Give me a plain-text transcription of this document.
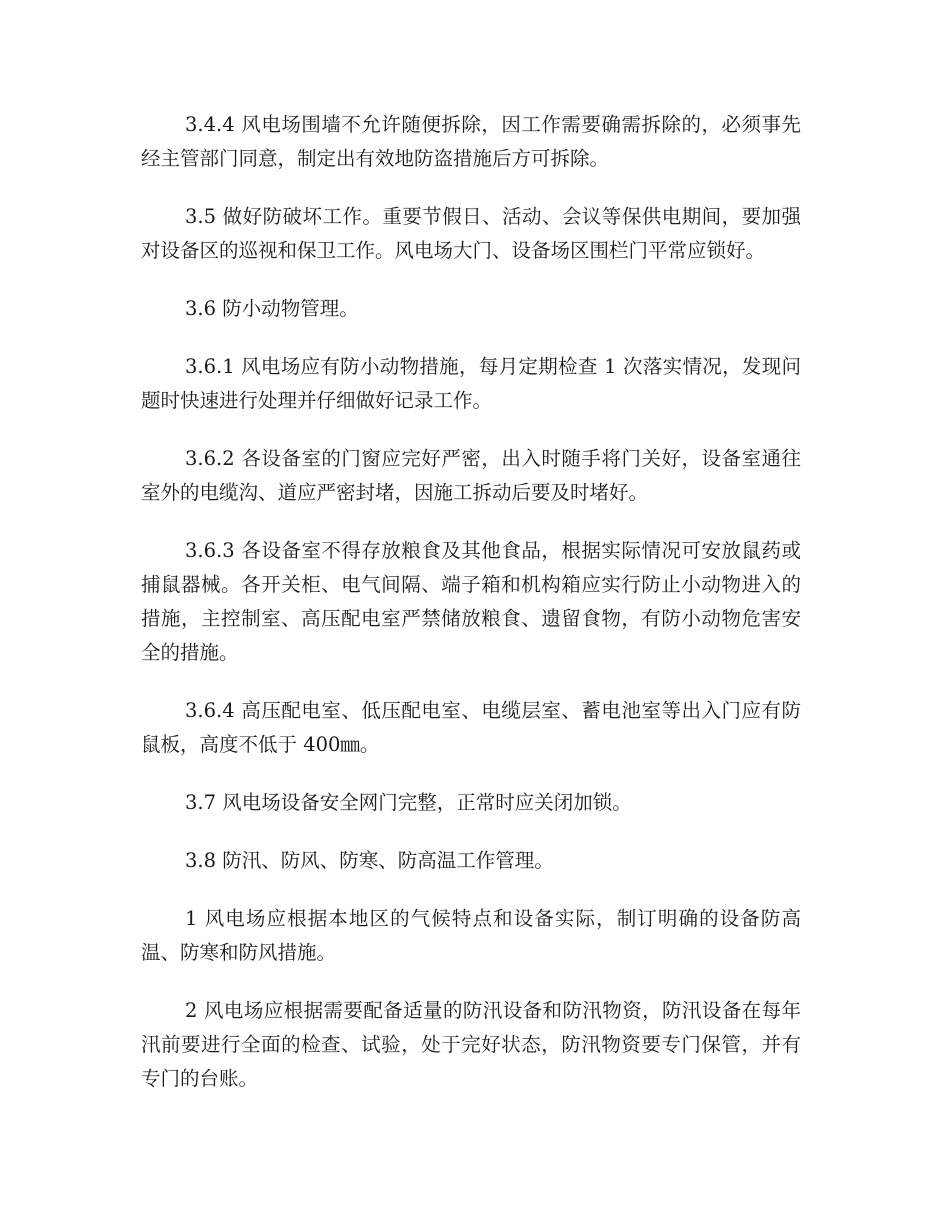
3.4.4 风电场围墙不允许随便拆除，因工作需要确需拆除的，必须事先经主管部门同意，制定出有效地防盗措施后方可拆除。

3.5 做好防破坏工作。重要节假日、活动、会议等保供电期间，要加强对设备区的巡视和保卫工作。风电场大门、设备场区围栏门平常应锁好。

3.6 防小动物管理。

3.6.1 风电场应有防小动物措施，每月定期检查 1 次落实情况，发现问题时快速进行处理并仔细做好记录工作。

3.6.2 各设备室的门窗应完好严密，出入时随手将门关好，设备室通往室外的电缆沟、道应严密封堵，因施工拆动后要及时堵好。

3.6.3 各设备室不得存放粮食及其他食品，根据实际情况可安放鼠药或捕鼠器械。各开关柜、电气间隔、端子箱和机构箱应实行防止小动物进入的措施，主控制室、高压配电室严禁储放粮食、遗留食物，有防小动物危害安全的措施。

3.6.4 高压配电室、低压配电室、电缆层室、蓄电池室等出入门应有防鼠板，高度不低于 400㎜。

3.7 风电场设备安全网门完整，正常时应关闭加锁。

3.8 防汛、防风、防寒、防高温工作管理。

1 风电场应根据本地区的气候特点和设备实际，制订明确的设备防高温、防寒和防风措施。

2 风电场应根据需要配备适量的防汛设备和防汛物资，防汛设备在每年汛前要进行全面的检查、试验，处于完好状态，防汛物资要专门保管，并有专门的台账。
